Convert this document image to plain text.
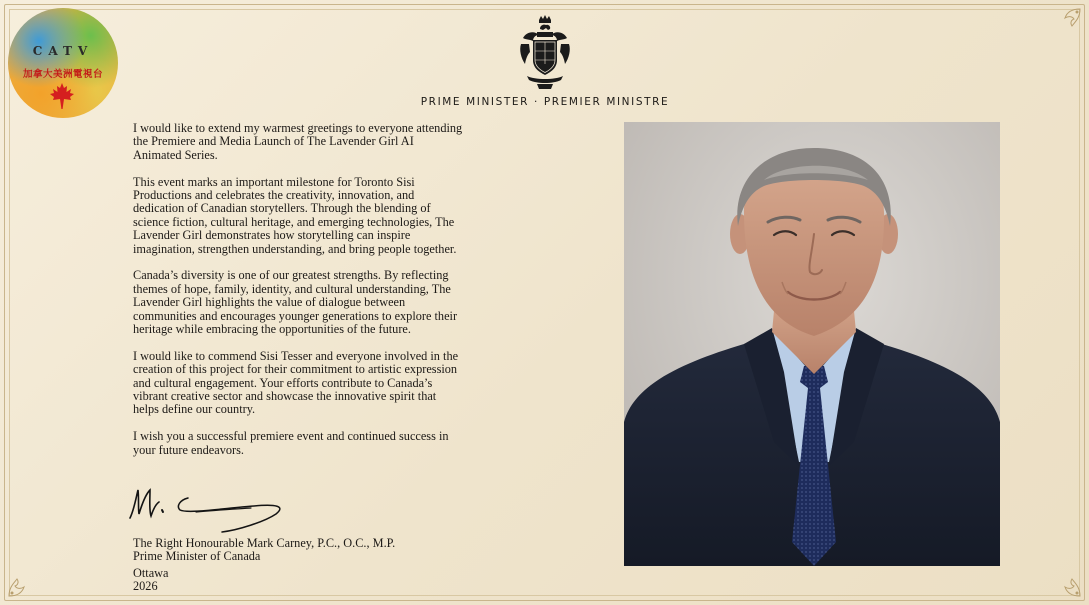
CATV
加拿大美洲電視台
PRIME MINISTER · PREMIER MINISTRE

I would like to extend my warmest greetings to everyone attending the Premiere and Media Launch of The Lavender Girl AI Animated Series.

This event marks an important milestone for Toronto Sisi Productions and celebrates the creativity, innovation, and dedication of Canadian storytellers. Through the blending of science fiction, cultural heritage, and emerging technologies, The Lavender Girl demonstrates how storytelling can inspire imagination, strengthen understanding, and bring people together.

Canada’s diversity is one of our greatest strengths. By reflecting themes of hope, family, identity, and cultural understanding, The Lavender Girl highlights the value of dialogue between communities and encourages younger generations to explore their heritage while embracing the opportunities of the future.

I would like to commend Sisi Tesser and everyone involved in the creation of this project for their commitment to artistic expression and cultural engagement. Your efforts contribute to Canada’s vibrant creative sector and showcase the innovative spirit that helps define our country.

I wish you a successful premiere event and continued success in your future endeavors.

The Right Honourable Mark Carney, P.C., O.C., M.P.
Prime Minister of Canada
Ottawa
2026
